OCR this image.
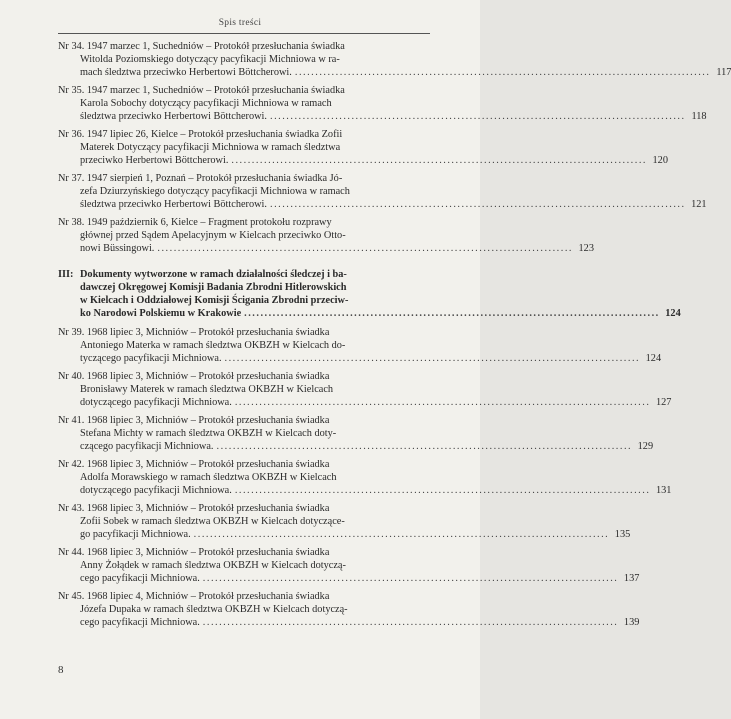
Spis treści
Nr 34. 1947 marzec 1, Suchedniów – Protokół przesłuchania świadka
Witolda Poziomskiego dotyczący pacyfikacji Michniowa w ra-
mach śledztwa przeciwko Herbertowi Böttcherowi. ...................................................................................................... 117
Nr 35. 1947 marzec 1, Suchedniów – Protokół przesłuchania świadka
Karola Sobochy dotyczący pacyfikacji Michniowa w ramach
śledztwa przeciwko Herbertowi Böttcherowi. ...................................................................................................... 118
Nr 36. 1947 lipiec 26, Kielce – Protokół przesłuchania świadka Zofii
Materek Dotyczący pacyfikacji Michniowa w ramach śledztwa
przeciwko Herbertowi Böttcherowi. ...................................................................................................... 120
Nr 37. 1947 sierpień 1, Poznań – Protokół przesłuchania świadka Jó-
zefa Dziurzyńskiego dotyczący pacyfikacji Michniowa w ramach
śledztwa przeciwko Herbertowi Böttcherowi. ...................................................................................................... 121
Nr 38. 1949 październik 6, Kielce – Fragment protokołu rozprawy
głównej przed Sądem Apelacyjnym w Kielcach przeciwko Otto-
nowi Büssingowi. ...................................................................................................... 123
III: Dokumenty wytworzone w ramach działalności śledczej i ba-
dawczej Okręgowej Komisji Badania Zbrodni Hitlerowskich
w Kielcach i Oddziałowej Komisji Ścigania Zbrodni przeciw-
ko Narodowi Polskiemu w Krakowie ...................................................................................................... 124
Nr 39. 1968 lipiec 3, Michniów – Protokół przesłuchania świadka
Antoniego Materka w ramach śledztwa OKBZH w Kielcach do-
tyczącego pacyfikacji Michniowa. ...................................................................................................... 124
Nr 40. 1968 lipiec 3, Michniów – Protokół przesłuchania świadka
Bronisławy Materek w ramach śledztwa OKBZH w Kielcach
dotyczącego pacyfikacji Michniowa. ...................................................................................................... 127
Nr 41. 1968 lipiec 3, Michniów – Protokół przesłuchania świadka
Stefana Michty w ramach śledztwa OKBZH w Kielcach doty-
czącego pacyfikacji Michniowa. ...................................................................................................... 129
Nr 42. 1968 lipiec 3, Michniów – Protokół przesłuchania świadka
Adolfa Morawskiego w ramach śledztwa OKBZH w Kielcach
dotyczącego pacyfikacji Michniowa. ...................................................................................................... 131
Nr 43. 1968 lipiec 3, Michniów – Protokół przesłuchania świadka
Zofii Sobek w ramach śledztwa OKBZH w Kielcach dotyczące-
go pacyfikacji Michniowa. ...................................................................................................... 135
Nr 44. 1968 lipiec 3, Michniów – Protokół przesłuchania świadka
Anny Żołądek w ramach śledztwa OKBZH w Kielcach dotyczą-
cego pacyfikacji Michniowa. ...................................................................................................... 137
Nr 45. 1968 lipiec 4, Michniów – Protokół przesłuchania świadka
Józefa Dupaka w ramach śledztwa OKBZH w Kielcach dotyczą-
cego pacyfikacji Michniowa. ...................................................................................................... 139
8
